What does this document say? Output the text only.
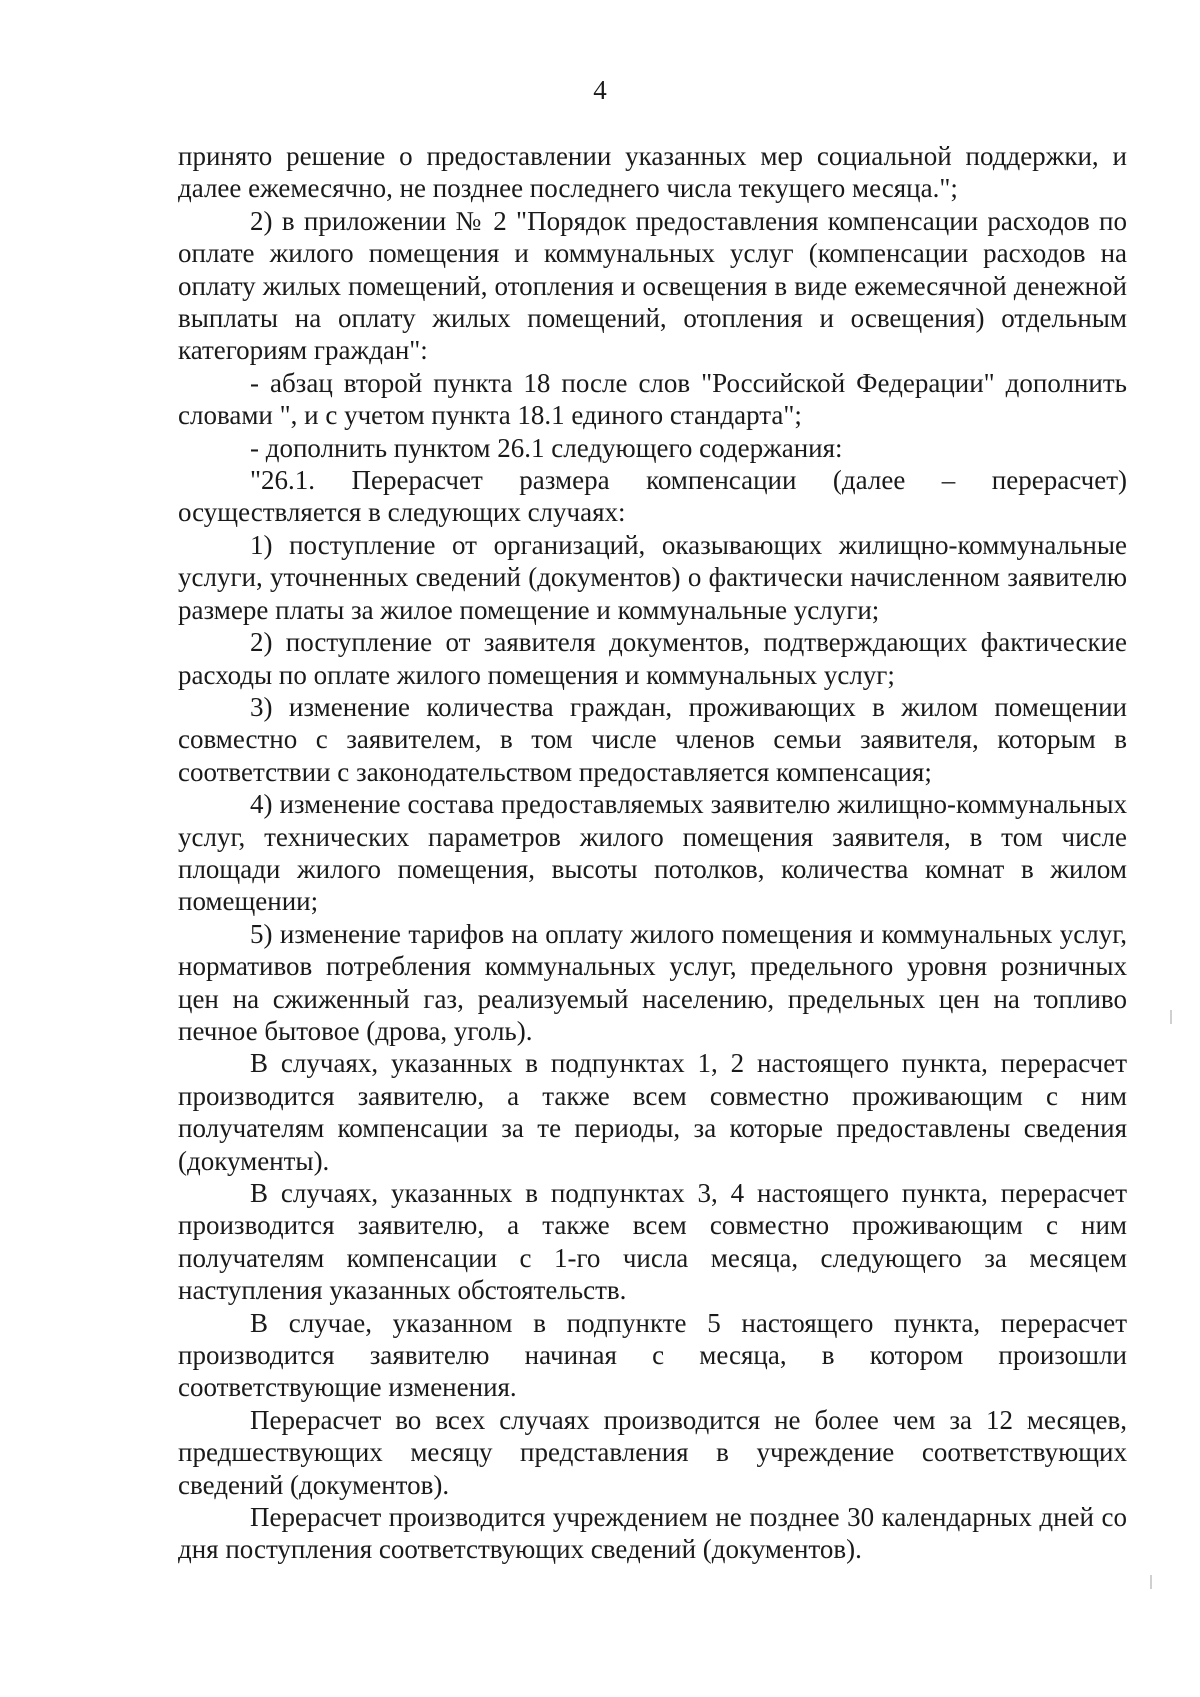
4

принято решение о предоставлении указанных мер социальной поддержки, и далее ежемесячно, не позднее последнего числа текущего месяца.";

2) в приложении № 2 "Порядок предоставления компенсации расходов по оплате жилого помещения и коммунальных услуг (компенсации расходов на оплату жилых помещений, отопления и освещения в виде ежемесячной денежной выплаты на оплату жилых помещений, отопления и освещения) отдельным категориям граждан":

- абзац второй пункта 18 после слов "Российской Федерации" дополнить словами ", и с учетом пункта 18.1 единого стандарта";

- дополнить пунктом 26.1 следующего содержания:

"26.1. Перерасчет размера компенсации (далее – перерасчет) осуществляется в следующих случаях:

1) поступление от организаций, оказывающих жилищно-коммунальные услуги, уточненных сведений (документов) о фактически начисленном заявителю размере платы за жилое помещение и коммунальные услуги;

2) поступление от заявителя документов, подтверждающих фактические расходы по оплате жилого помещения и коммунальных услуг;

3) изменение количества граждан, проживающих в жилом помещении совместно с заявителем, в том числе членов семьи заявителя, которым в соответствии с законодательством предоставляется компенсация;

4) изменение состава предоставляемых заявителю жилищно-коммунальных услуг, технических параметров жилого помещения заявителя, в том числе площади жилого помещения, высоты потолков, количества комнат в жилом помещении;

5) изменение тарифов на оплату жилого помещения и коммунальных услуг, нормативов потребления коммунальных услуг, предельного уровня розничных цен на сжиженный газ, реализуемый населению, предельных цен на топливо печное бытовое (дрова, уголь).

В случаях, указанных в подпунктах 1, 2 настоящего пункта, перерасчет производится заявителю, а также всем совместно проживающим с ним получателям компенсации за те периоды, за которые предоставлены сведения (документы).

В случаях, указанных в подпунктах 3, 4 настоящего пункта, перерасчет производится заявителю, а также всем совместно проживающим с ним получателям компенсации с 1-го числа месяца, следующего за месяцем наступления указанных обстоятельств.

В случае, указанном в подпункте 5 настоящего пункта, перерасчет производится заявителю начиная с месяца, в котором произошли соответствующие изменения.

Перерасчет во всех случаях производится не более чем за 12 месяцев, предшествующих месяцу представления в учреждение соответствующих сведений (документов).

Перерасчет производится учреждением не позднее 30 календарных дней со дня поступления соответствующих сведений (документов).
